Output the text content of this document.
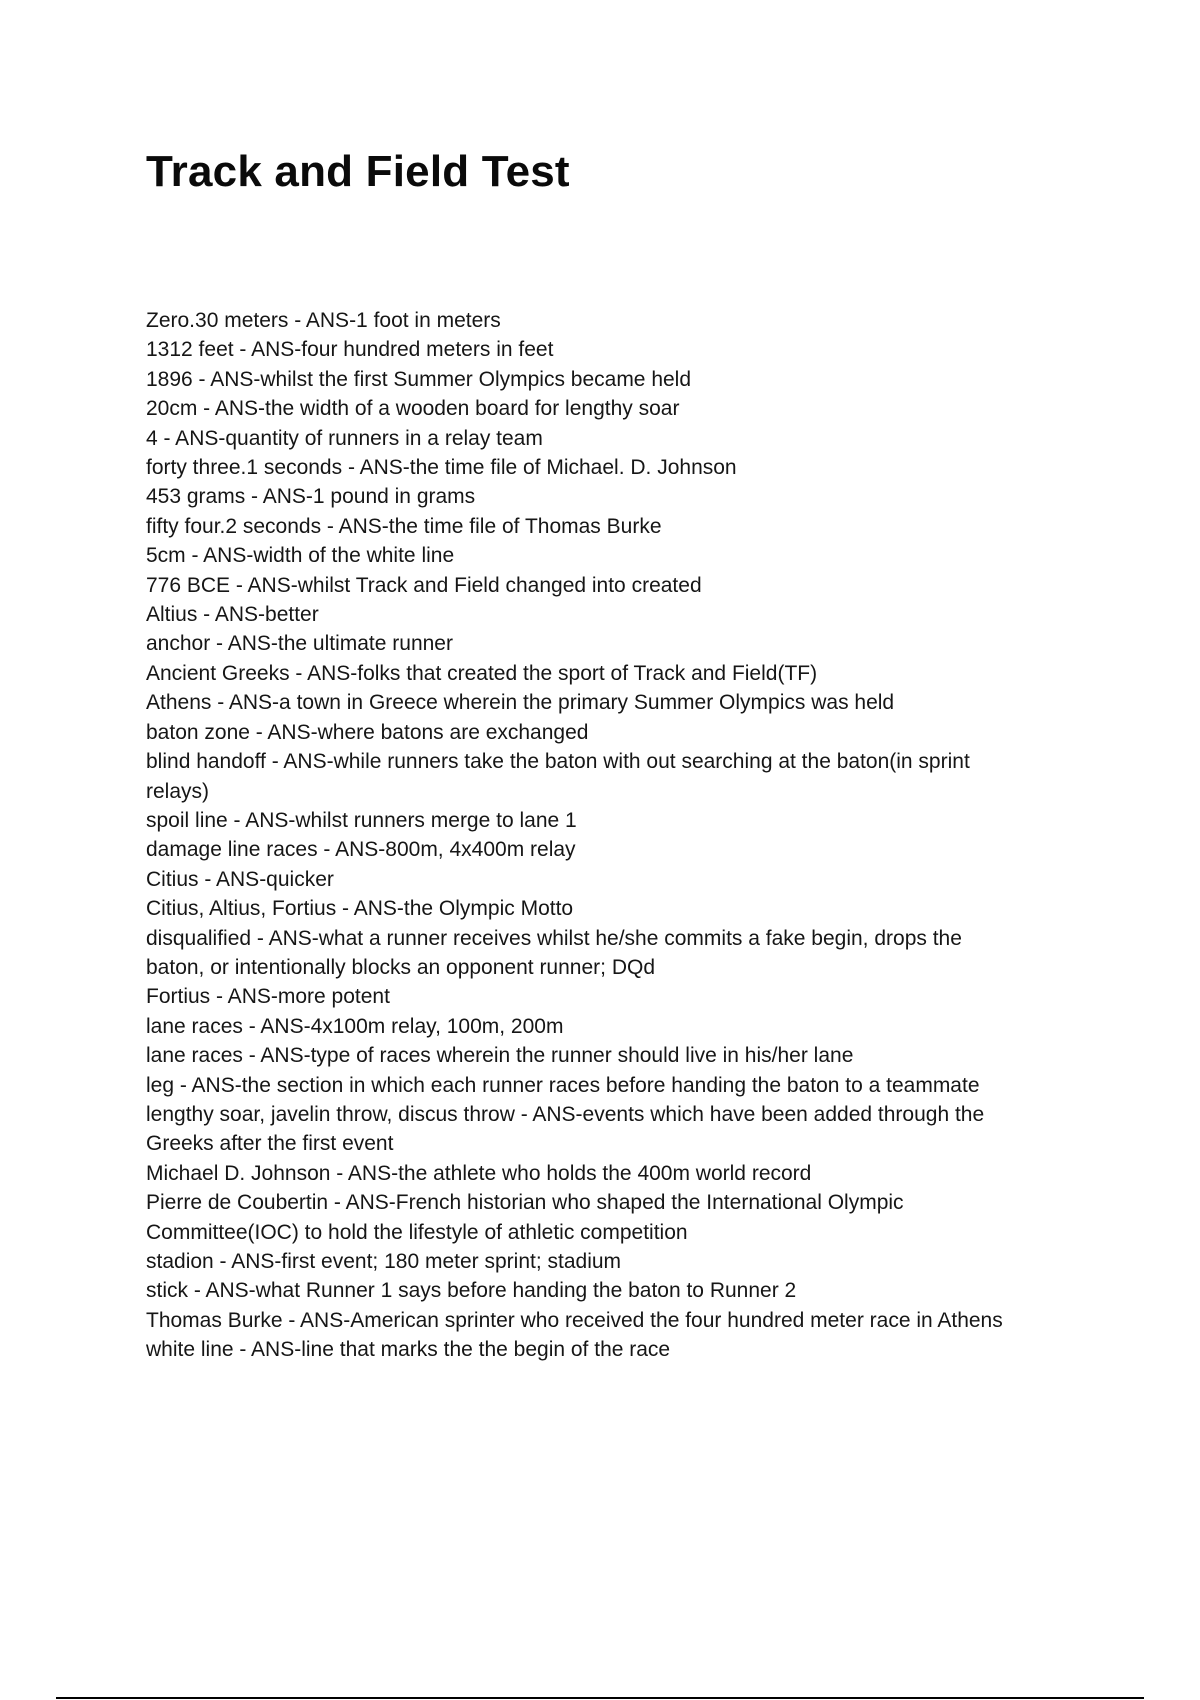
Track and Field Test

Zero.30 meters - ANS-1 foot in meters

1312 feet - ANS-four hundred meters in feet

1896 - ANS-whilst the first Summer Olympics became held

20cm - ANS-the width of a wooden board for lengthy soar

4 - ANS-quantity of runners in a relay team

forty three.1 seconds - ANS-the time file of Michael. D. Johnson

453 grams - ANS-1 pound in grams

fifty four.2 seconds - ANS-the time file of Thomas Burke

5cm - ANS-width of the white line

776 BCE - ANS-whilst Track and Field changed into created

Altius - ANS-better

anchor - ANS-the ultimate runner

Ancient Greeks - ANS-folks that created the sport of Track and Field(TF)

Athens - ANS-a town in Greece wherein the primary Summer Olympics was held

baton zone - ANS-where batons are exchanged

blind handoff - ANS-while runners take the baton with out searching at the baton(in sprint

relays)

spoil line - ANS-whilst runners merge to lane 1

damage line races - ANS-800m, 4x400m relay

Citius - ANS-quicker

Citius, Altius, Fortius - ANS-the Olympic Motto

disqualified - ANS-what a runner receives whilst he/she commits a fake begin, drops the

baton, or intentionally blocks an opponent runner; DQd

Fortius - ANS-more potent

lane races - ANS-4x100m relay, 100m, 200m

lane races - ANS-type of races wherein the runner should live in his/her lane

leg - ANS-the section in which each runner races before handing the baton to a teammate

lengthy soar, javelin throw, discus throw - ANS-events which have been added through the

Greeks after the first event

Michael D. Johnson - ANS-the athlete who holds the 400m world record

Pierre de Coubertin - ANS-French historian who shaped the International Olympic

Committee(IOC) to hold the lifestyle of athletic competition

stadion - ANS-first event; 180 meter sprint; stadium

stick - ANS-what Runner 1 says before handing the baton to Runner 2

Thomas Burke - ANS-American sprinter who received the four hundred meter race in Athens

white line - ANS-line that marks the the begin of the race
